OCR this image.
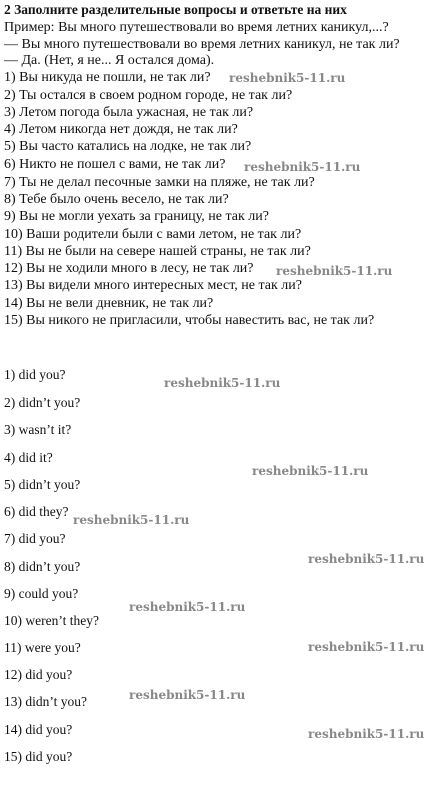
2 Заполните разделительные вопросы и ответьте на них
Пример: Вы много путешествовали во время летних каникул,...?
— Вы много путешествовали во время летних каникул, не так ли?
— Да. (Нет, я не... Я остался дома).
1) Вы никуда не пошли, не так ли?
2) Ты остался в своем родном городе, не так ли?
3) Летом погода была ужасная, не так ли?
4) Летом никогда нет дождя, не так ли?
5) Вы часто катались на лодке, не так ли?
6) Никто не пошел с вами, не так ли?
7) Ты не делал песочные замки на пляже, не так ли?
8) Тебе было очень весело, не так ли?
9) Вы не могли уехать за границу, не так ли?
10) Ваши родители были с вами летом, не так ли?
11) Вы не были на севере нашей страны, не так ли?
12) Вы не ходили много в лесу, не так ли?
13) Вы видели много интересных мест, не так ли?
14) Вы не вели дневник, не так ли?
15) Вы никого не пригласили, чтобы навестить вас, не так ли?
1) did you?
2) didn’t you?
3) wasn’t it?
4) did it?
5) didn’t you?
6) did they?
7) did you?
8) didn’t you?
9) could you?
10) weren’t they?
11) were you?
12) did you?
13) didn’t you?
14) did you?
15) did you?
reshebnik5-11.ru
reshebnik5-11.ru
reshebnik5-11.ru
reshebnik5-11.ru
reshebnik5-11.ru
reshebnik5-11.ru
reshebnik5-11.ru
reshebnik5-11.ru
reshebnik5-11.ru
reshebnik5-11.ru
reshebnik5-11.ru
